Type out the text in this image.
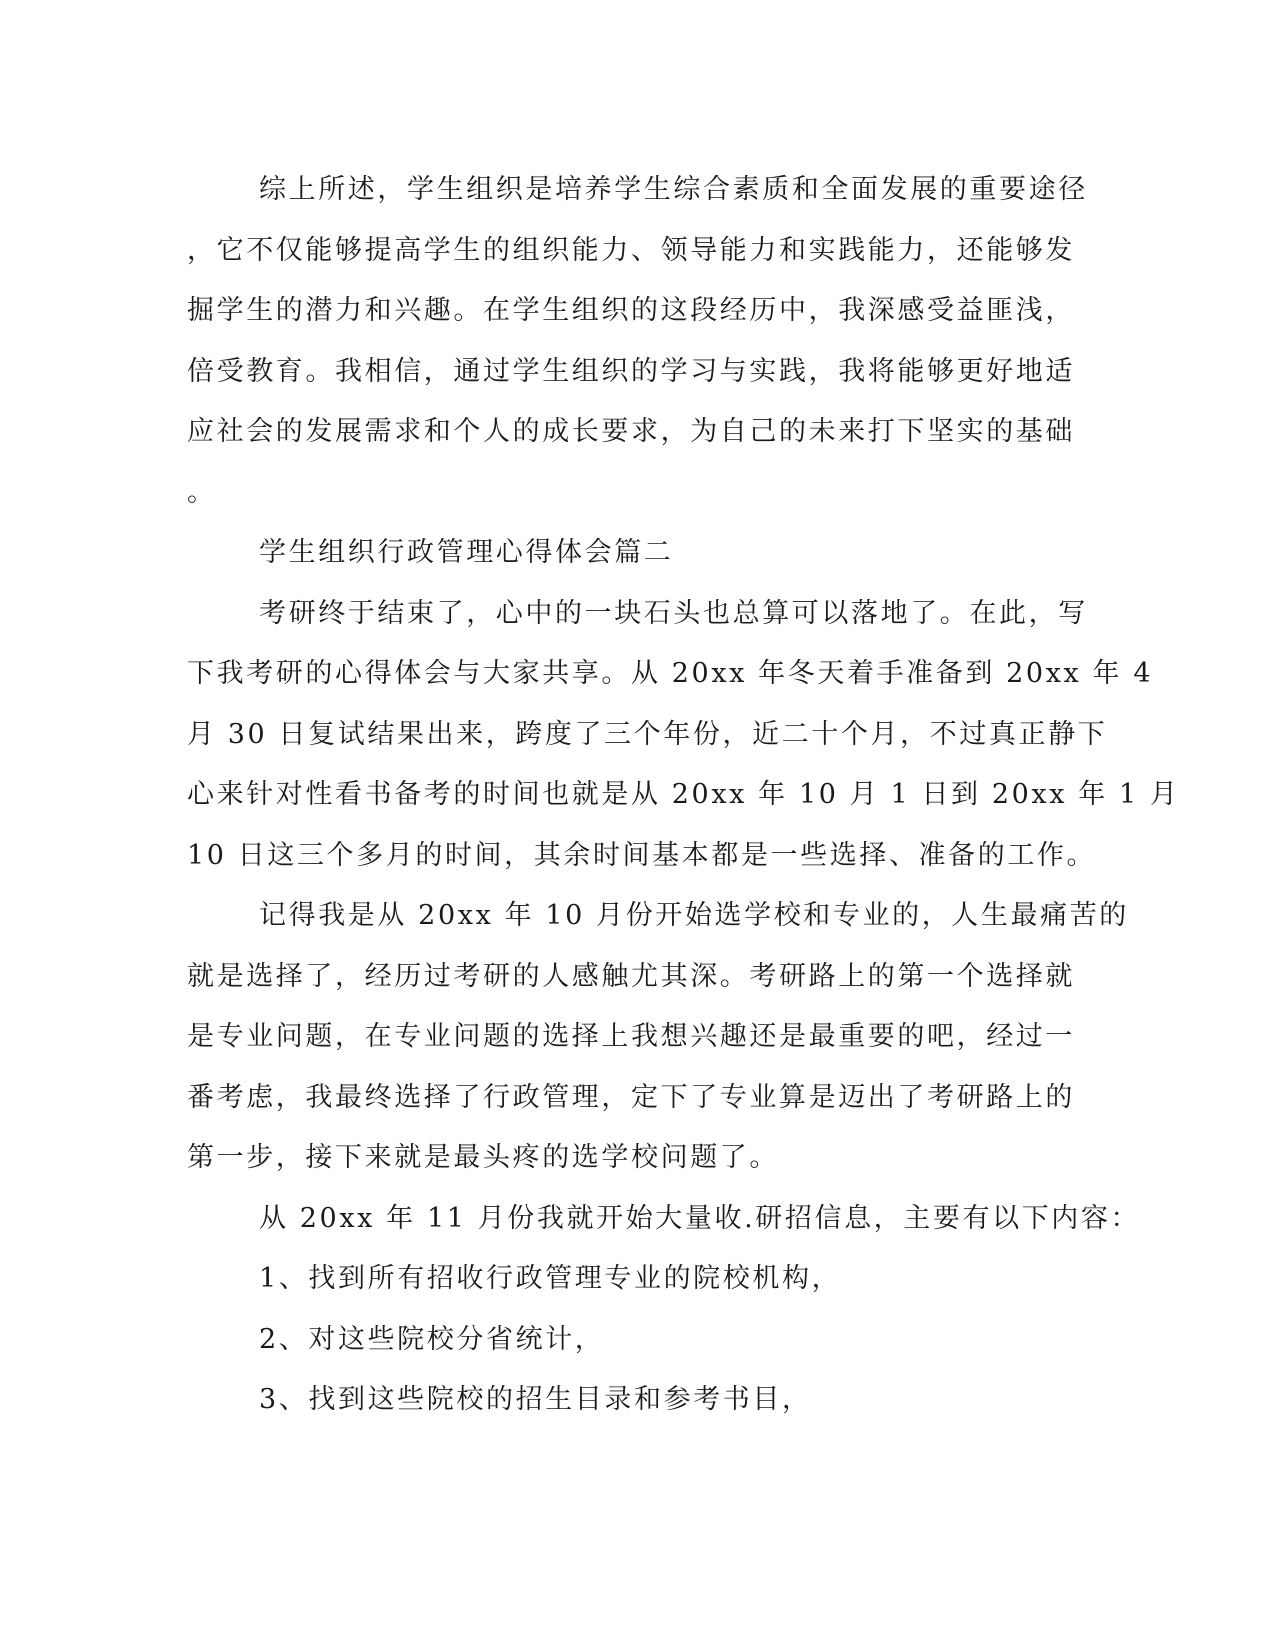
综上所述，学生组织是培养学生综合素质和全面发展的重要途径
，它不仅能够提高学生的组织能力、领导能力和实践能力，还能够发
掘学生的潜力和兴趣。在学生组织的这段经历中，我深感受益匪浅，
倍受教育。我相信，通过学生组织的学习与实践，我将能够更好地适
应社会的发展需求和个人的成长要求，为自己的未来打下坚实的基础
。
学生组织行政管理心得体会篇二
考研终于结束了，心中的一块石头也总算可以落地了。在此，写
下我考研的心得体会与大家共享。从 20xx 年冬天着手准备到 20xx 年 4
月 30 日复试结果出来，跨度了三个年份，近二十个月，不过真正静下
心来针对性看书备考的时间也就是从 20xx 年 10 月 1 日到 20xx 年 1 月
10 日这三个多月的时间，其余时间基本都是一些选择、准备的工作。
记得我是从 20xx 年 10 月份开始选学校和专业的，人生最痛苦的
就是选择了，经历过考研的人感触尤其深。考研路上的第一个选择就
是专业问题，在专业问题的选择上我想兴趣还是最重要的吧，经过一
番考虑，我最终选择了行政管理，定下了专业算是迈出了考研路上的
第一步，接下来就是最头疼的选学校问题了。
从 20xx 年 11 月份我就开始大量收.研招信息，主要有以下内容：
1、找到所有招收行政管理专业的院校机构，
2、对这些院校分省统计，
3、找到这些院校的招生目录和参考书目，
